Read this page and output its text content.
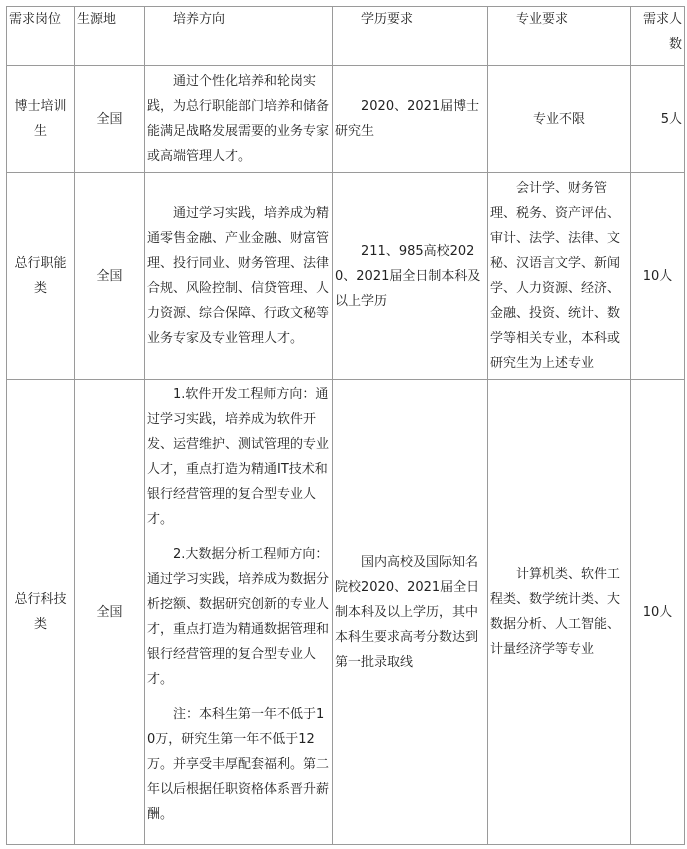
需求岗位	生源地	培养方向	学历要求	专业要求	需求人数
博士培训生	全国	通过个性化培养和轮岗实践，为总行职能部门培养和储备能满足战略发展需要的业务专家或高端管理人才。	2020、2021届博士研究生	专业不限	5人
总行职能类	全国	通过学习实践，培养成为精通零售金融、产业金融、财富管理、投行同业、财务管理、法律合规、风险控制、信贷管理、人力资源、综合保障、行政文秘等业务专家及专业管理人才。	211、985高校2020、2021届全日制本科及以上学历	会计学、财务管理、税务、资产评估、审计、法学、法律、文秘、汉语言文学、新闻学、人力资源、经济、金融、投资、统计、数学等相关专业，本科或研究生为上述专业	10人
总行科技类	全国	1.软件开发工程师方向：通过学习实践，培养成为软件开发、运营维护、测试管理的专业人才，重点打造为精通IT技术和银行经营管理的复合型专业人才。

2.大数据分析工程师方向：通过学习实践，培养成为数据分析挖额、数据研究创新的专业人才，重点打造为精通数据管理和银行经营管理的复合型专业人才。

注：本科生第一年不低于10万，研究生第一年不低于12万。并享受丰厚配套福利。第二年以后根据任职资格体系晋升薪酬。	国内高校及国际知名院校2020、2021届全日制本科及以上学历，其中本科生要求高考分数达到第一批录取线	计算机类、软件工程类、数学统计类、大数据分析、人工智能、计量经济学等专业	10人
